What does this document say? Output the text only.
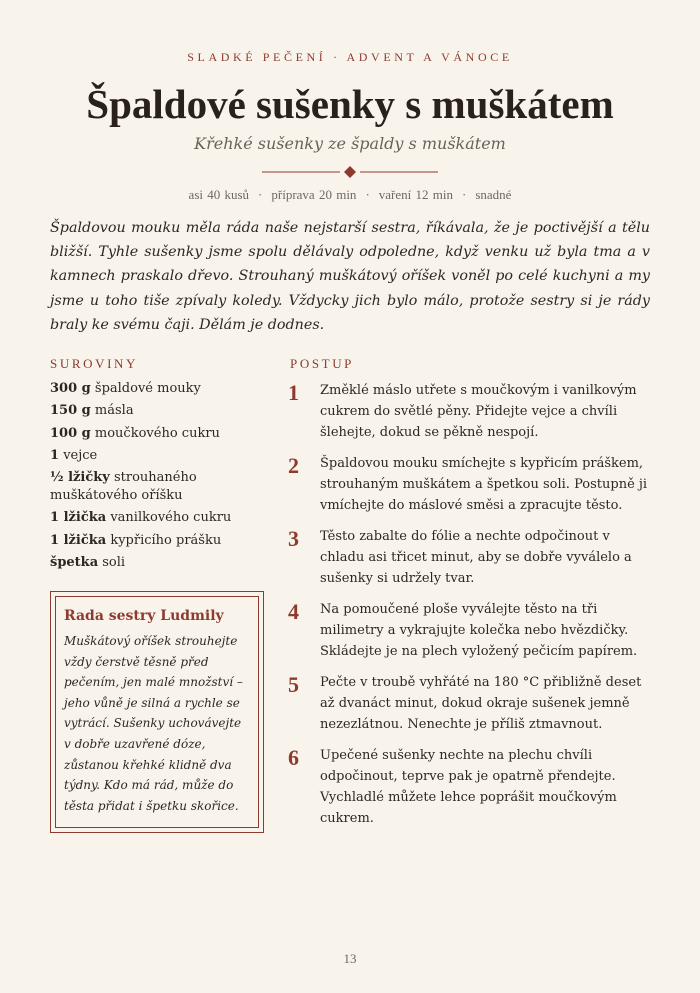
SLADKÉ PEČENÍ · ADVENT A VÁNOCE
Špaldové sušenky s muškátem
Křehké sušenky ze špaldy s muškátem
asi 40 kusů · příprava 20 min · vaření 12 min · snadné

Špaldovou mouku měla ráda naše nejstarší sestra, říkávala, že je poctivější a tělu bližší. Tyhle sušenky jsme spolu dělávaly odpoledne, když venku už byla tma a v kamnech praskalo dřevo. Strouhaný muškátový oříšek voněl po celé kuchyni a my jsme u toho tiše zpívaly koledy. Vždycky jich bylo málo, protože sestry si je rády braly ke svému čaji. Dělám je dodnes.

SUROVINY
300 g špaldové mouky
150 g másla
100 g moučkového cukru
1 vejce
½ lžičky strouhaného muškátového oříšku
1 lžička vanilkového cukru
1 lžička kypřicího prášku
špetka soli
Rada sestry Ludmily
Muškátový oříšek strouhejte vždy čerstvě těsně před pečením, jen malé množství – jeho vůně je silná a rychle se vytrácí. Sušenky uchovávejte v dobře uzavřené dóze, zůstanou křehké klidně dva týdny. Kdo má rád, může do těsta přidat i špetku skořice.
POSTUP
1 Změklé máslo utřete s moučkovým i vanilkovým cukrem do světlé pěny. Přidejte vejce a chvíli šlehejte, dokud se pěkně nespojí.
2 Špaldovou mouku smíchejte s kypřicím práškem, strouhaným muškátem a špetkou soli. Postupně ji vmíchejte do máslové směsi a zpracujte těsto.
3 Těsto zabalte do fólie a nechte odpočinout v chladu asi třicet minut, aby se dobře vyválelo a sušenky si udržely tvar.
4 Na pomoučené ploše vyválejte těsto na tři milimetry a vykrajujte kolečka nebo hvězdičky. Skládejte je na plech vyložený pečicím papírem.
5 Pečte v troubě vyhřáté na 180 °C přibližně deset až dvanáct minut, dokud okraje sušenek jemně nezezlátnou. Nenechte je příliš ztmavnout.
6 Upečené sušenky nechte na plechu chvíli odpočinout, teprve pak je opatrně přendejte. Vychladlé můžete lehce poprášit moučkovým cukrem.
13
